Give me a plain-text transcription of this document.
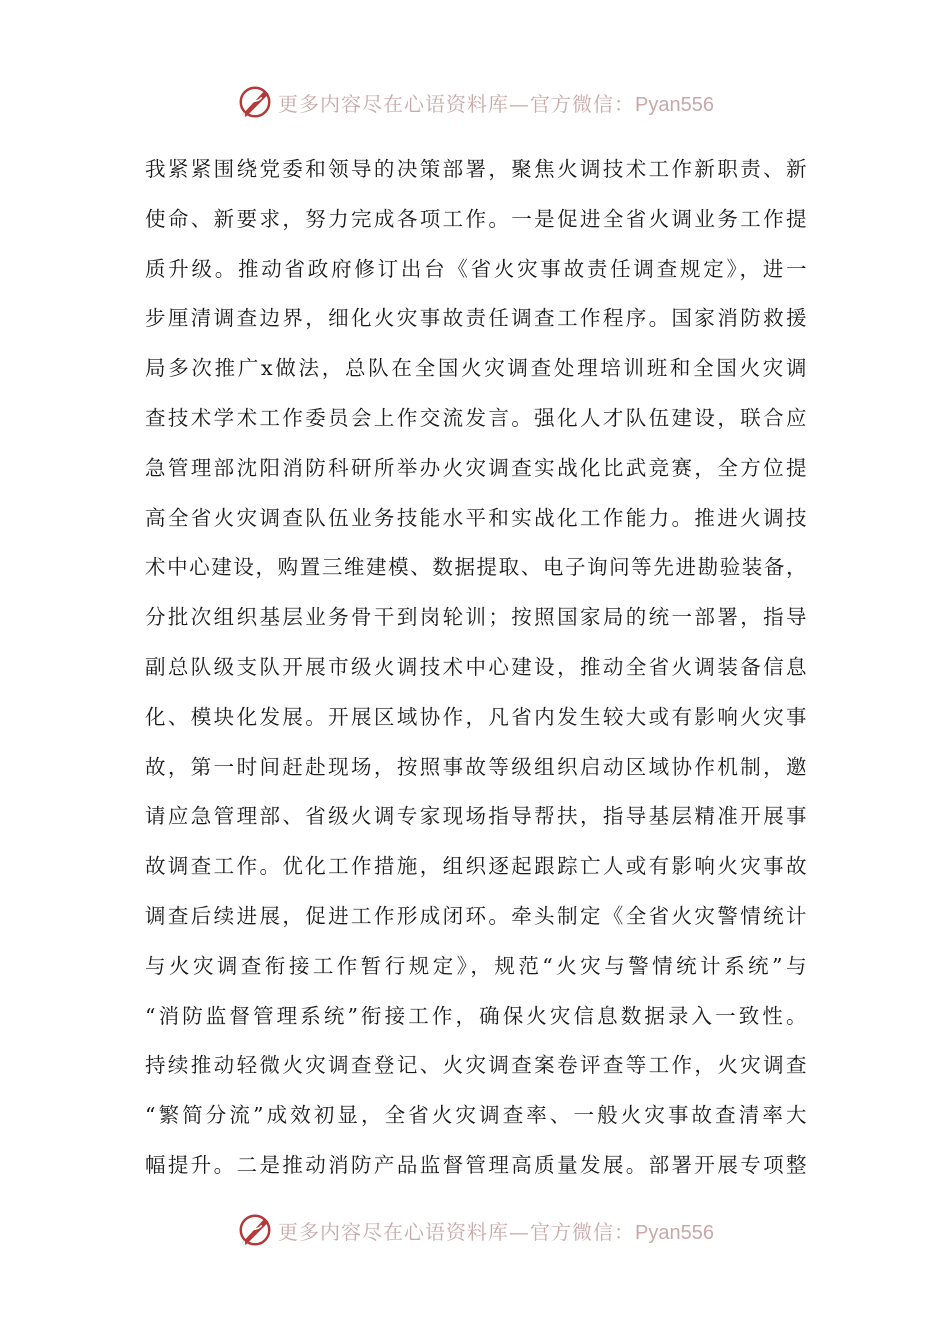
更多内容尽在心语资料库—官方微信：Pyan556
我紧紧围绕党委和领导的决策部署，聚焦火调技术工作新职责、新
使命、新要求，努力完成各项工作。一是促进全省火调业务工作提
质升级。推动省政府修订出台《省火灾事故责任调查规定》，进一
步厘清调查边界，细化火灾事故责任调查工作程序。国家消防救援
局多次推广x做法，总队在全国火灾调查处理培训班和全国火灾调
查技术学术工作委员会上作交流发言。强化人才队伍建设，联合应
急管理部沈阳消防科研所举办火灾调查实战化比武竞赛，全方位提
高全省火灾调查队伍业务技能水平和实战化工作能力。推进火调技
术中心建设，购置三维建模、数据提取、电子询问等先进勘验装备，
分批次组织基层业务骨干到岗轮训；按照国家局的统一部署，指导
副总队级支队开展市级火调技术中心建设，推动全省火调装备信息
化、模块化发展。开展区域协作，凡省内发生较大或有影响火灾事
故，第一时间赶赴现场，按照事故等级组织启动区域协作机制，邀
请应急管理部、省级火调专家现场指导帮扶，指导基层精准开展事
故调查工作。优化工作措施，组织逐起跟踪亡人或有影响火灾事故
调查后续进展，促进工作形成闭环。牵头制定《全省火灾警情统计
与火灾调查衔接工作暂行规定》，规范“火灾与警情统计系统”与
“消防监督管理系统”衔接工作，确保火灾信息数据录入一致性。
持续推动轻微火灾调查登记、火灾调查案卷评查等工作，火灾调查
“繁简分流”成效初显，全省火灾调查率、一般火灾事故查清率大
幅提升。二是推动消防产品监督管理高质量发展。部署开展专项整
更多内容尽在心语资料库—官方微信：Pyan556
